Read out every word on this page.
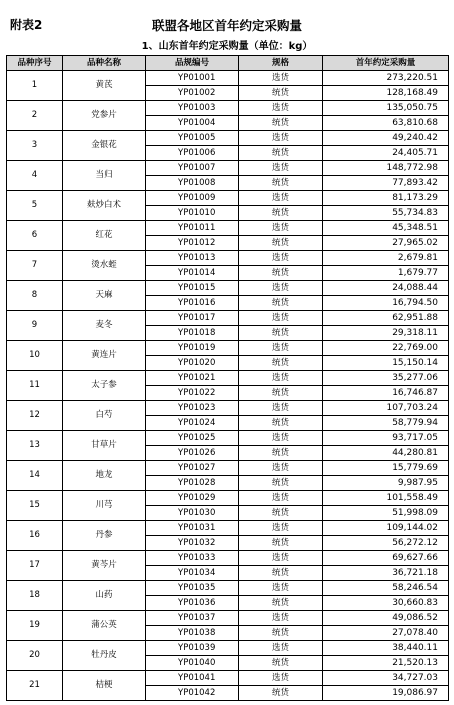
附表2	联盟各地区首年约定采购量
1、山东首年约定采购量（单位：kg）
品种序号	品种名称	品规编号	规格	首年约定采购量
1	黄芪	YP01001	选货	273,220.51
		YP01002	统货	128,168.49
2	党参片	YP01003	选货	135,050.75
		YP01004	统货	63,810.68
3	金银花	YP01005	选货	49,240.42
		YP01006	统货	24,405.71
4	当归	YP01007	选货	148,772.98
		YP01008	统货	77,893.42
5	麸炒白术	YP01009	选货	81,173.29
		YP01010	统货	55,734.83
6	红花	YP01011	选货	45,348.51
		YP01012	统货	27,965.02
7	烫水蛭	YP01013	选货	2,679.81
		YP01014	统货	1,679.77
8	天麻	YP01015	选货	24,088.44
		YP01016	统货	16,794.50
9	麦冬	YP01017	选货	62,951.88
		YP01018	统货	29,318.11
10	黄连片	YP01019	选货	22,769.00
		YP01020	统货	15,150.14
11	太子参	YP01021	选货	35,277.06
		YP01022	统货	16,746.87
12	白芍	YP01023	选货	107,703.24
		YP01024	统货	58,779.94
13	甘草片	YP01025	选货	93,717.05
		YP01026	统货	44,280.81
14	地龙	YP01027	选货	15,779.69
		YP01028	统货	9,987.95
15	川芎	YP01029	选货	101,558.49
		YP01030	统货	51,998.09
16	丹参	YP01031	选货	109,144.02
		YP01032	统货	56,272.12
17	黄芩片	YP01033	选货	69,627.66
		YP01034	统货	36,721.18
18	山药	YP01035	选货	58,246.54
		YP01036	统货	30,660.83
19	蒲公英	YP01037	选货	49,086.52
		YP01038	统货	27,078.40
20	牡丹皮	YP01039	选货	38,440.11
		YP01040	统货	21,520.13
21	桔梗	YP01041	选货	34,727.03
		YP01042	统货	19,086.97
